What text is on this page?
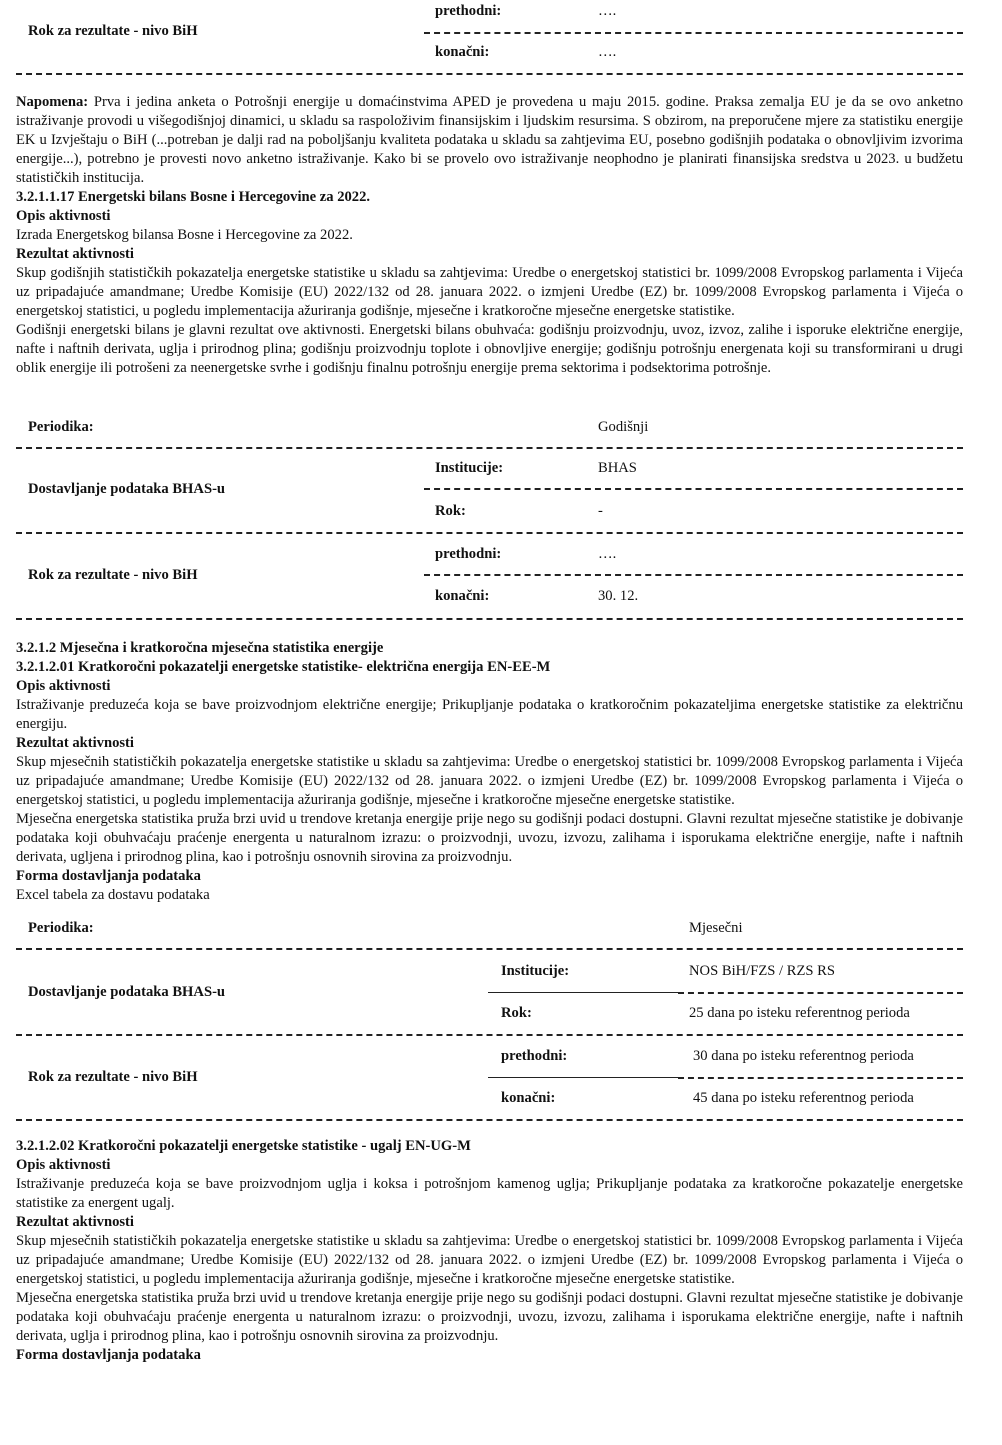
Rok za rezultate - nivo BiH
prethodni:	….
konačni:	….

Napomena: Prva i jedina anketa o Potrošnji energije u domaćinstvima APED je provedena u maju 2015. godine. Praksa zemalja EU je da se ovo anketno istraživanje provodi u višegodišnjoj dinamici, u skladu sa raspoloživim finansijskim i ljudskim resursima. S obzirom, na preporučene mjere za statistiku energije EK u Izvještaju o BiH (...potreban je dalji rad na poboljšanju kvaliteta podataka u skladu sa zahtjevima EU, posebno godišnjih podataka o obnovljivim izvorima energije...), potrebno je provesti novo anketno istraživanje. Kako bi se provelo ovo istraživanje neophodno je planirati finansijska sredstva u 2023. u budžetu statističkih institucija.

3.2.1.1.17 Energetski bilans Bosne i Hercegovine za 2022.

Opis aktivnosti

Izrada Energetskog bilansa Bosne i Hercegovine za 2022.

Rezultat aktivnosti

Skup godišnjih statističkih pokazatelja energetske statistike u skladu sa zahtjevima: Uredbe o energetskoj statistici br. 1099/2008 Evropskog parlamenta i Vijeća uz pripadajuće amandmane; Uredbe Komisije (EU) 2022/132 od 28. januara 2022. o izmjeni Uredbe (EZ) br. 1099/2008 Evropskog parlamenta i Vijeća o energetskoj statistici, u pogledu implementacija ažuriranja godišnje, mjesečne i kratkoročne mjesečne energetske statistike.

Godišnji energetski bilans je glavni rezultat ove aktivnosti. Energetski bilans obuhvaća: godišnju proizvodnju, uvoz, izvoz, zalihe i isporuke električne energije, nafte i naftnih derivata, uglja i prirodnog plina; godišnju proizvodnju toplote i obnovljive energije; godišnju potrošnju energenata koji su transformirani u drugi oblik energije ili potrošeni za neenergetske svrhe i godišnju finalnu potrošnju energije prema sektorima i podsektorima potrošnje.

Periodika:	Godišnji
Dostavljanje podataka BHAS-u
Institucije:	BHAS
Rok:	-
Rok za rezultate - nivo BiH
prethodni:	….
konačni:	30. 12.

3.2.1.2 Mjesečna i kratkoročna mjesečna statistika energije

3.2.1.2.01 Kratkoročni pokazatelji energetske statistike- električna energija EN-EE-M

Opis aktivnosti

Istraživanje preduzeća koja se bave proizvodnjom električne energije; Prikupljanje podataka o kratkoročnim pokazateljima energetske statistike za električnu energiju.

Rezultat aktivnosti

Skup mjesečnih statističkih pokazatelja energetske statistike u skladu sa zahtjevima: Uredbe o energetskoj statistici br. 1099/2008 Evropskog parlamenta i Vijeća uz pripadajuće amandmane; Uredbe Komisije (EU) 2022/132 od 28. januara 2022. o izmjeni Uredbe (EZ) br. 1099/2008 Evropskog parlamenta i Vijeća o energetskoj statistici, u pogledu implementacija ažuriranja godišnje, mjesečne i kratkoročne mjesečne energetske statistike.

Mjesečna energetska statistika pruža brzi uvid u trendove kretanja energije prije nego su godišnji podaci dostupni. Glavni rezultat mjesečne statistike je dobivanje podataka koji obuhvaćaju praćenje energenta u naturalnom izrazu: o proizvodnji, uvozu, izvozu, zalihama i isporukama električne energije, nafte i naftnih derivata, ugljena i prirodnog plina, kao i potrošnju osnovnih sirovina za proizvodnju.

Forma dostavljanja podataka

Excel tabela za dostavu podataka

Periodika:	Mjesečni
Dostavljanje podataka BHAS-u
Institucije:	NOS BiH/FZS / RZS RS
Rok:	25 dana po isteku referentnog perioda
Rok za rezultate - nivo BiH
prethodni:	30 dana po isteku referentnog perioda
konačni:	45 dana po isteku referentnog perioda

3.2.1.2.02 Kratkoročni pokazatelji energetske statistike - ugalj EN-UG-M

Opis aktivnosti

Istraživanje preduzeća koja se bave proizvodnjom uglja i koksa i potrošnjom kamenog uglja; Prikupljanje podataka za kratkoročne pokazatelje energetske statistike za energent ugalj.

Rezultat aktivnosti

Skup mjesečnih statističkih pokazatelja energetske statistike u skladu sa zahtjevima: Uredbe o energetskoj statistici br. 1099/2008 Evropskog parlamenta i Vijeća uz pripadajuće amandmane; Uredbe Komisije (EU) 2022/132 od 28. januara 2022. o izmjeni Uredbe (EZ) br. 1099/2008 Evropskog parlamenta i Vijeća o energetskoj statistici, u pogledu implementacija ažuriranja godišnje, mjesečne i kratkoročne mjesečne energetske statistike.

Mjesečna energetska statistika pruža brzi uvid u trendove kretanja energije prije nego su godišnji podaci dostupni. Glavni rezultat mjesečne statistike je dobivanje podataka koji obuhvaćaju praćenje energenta u naturalnom izrazu: o proizvodnji, uvozu, izvozu, zalihama i isporukama električne energije, nafte i naftnih derivata, uglja i prirodnog plina, kao i potrošnju osnovnih sirovina za proizvodnju.

Forma dostavljanja podataka
